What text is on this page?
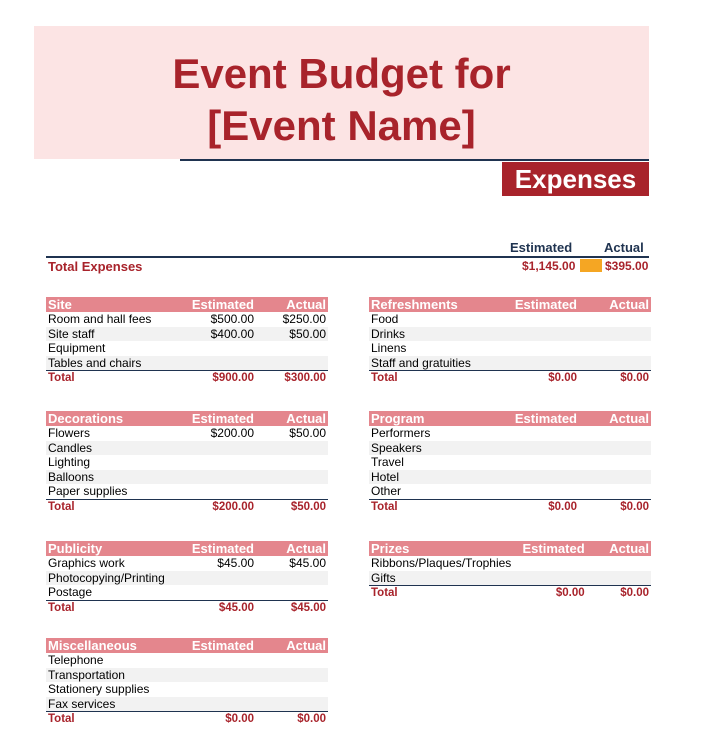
Event Budget for
[Event Name]
Expenses
Estimated Actual
Total Expenses	$1,145.00 $395.00
Site	Estimated	Actual
Room and hall fees	$500.00	$250.00
Site staff	$400.00	$50.00
Equipment		
Tables and chairs		
Total	$900.00	$300.00
Refreshments	Estimated	Actual
Food		
Drinks		
Linens		
Staff and gratuities		
Total	$0.00	$0.00
Decorations	Estimated	Actual
Flowers	$200.00	$50.00
Candles		
Lighting		
Balloons		
Paper supplies		
Total	$200.00	$50.00
Program	Estimated	Actual
Performers		
Speakers		
Travel		
Hotel		
Other		
Total	$0.00	$0.00
Publicity	Estimated	Actual
Graphics work	$45.00	$45.00
Photocopying/Printing		
Postage		
Total	$45.00	$45.00
Prizes	Estimated	Actual
Ribbons/Plaques/Trophies		
Gifts		
Total	$0.00	$0.00
Miscellaneous	Estimated	Actual
Telephone		
Transportation		
Stationery supplies		
Fax services		
Total	$0.00	$0.00
